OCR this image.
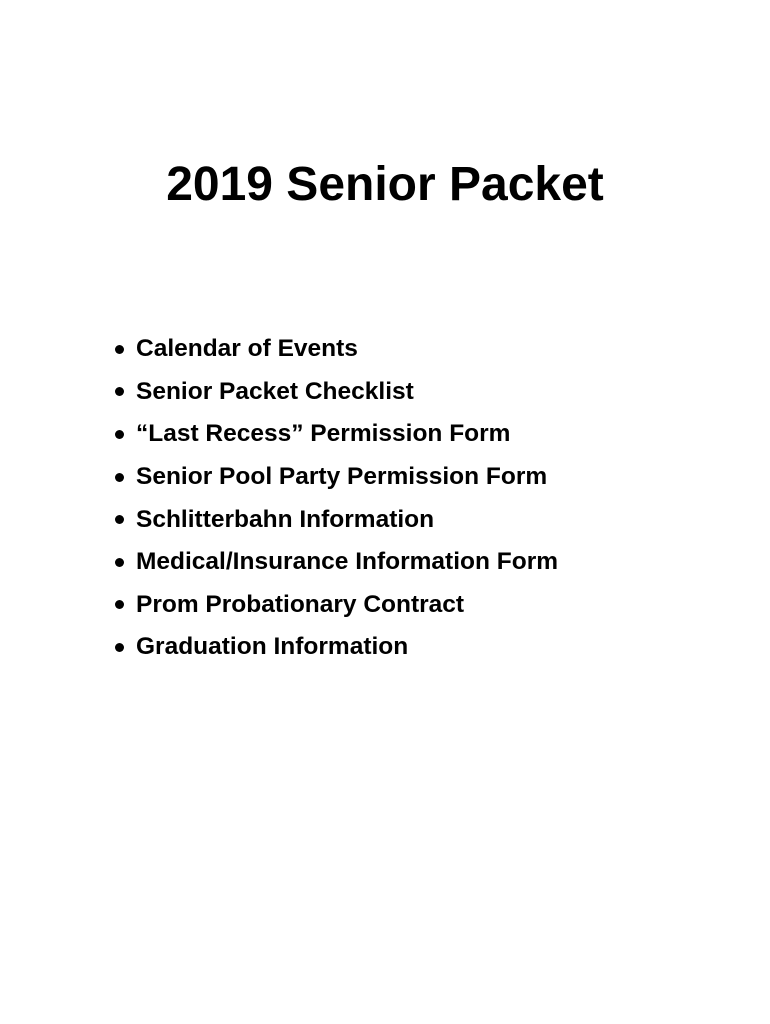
2019 Senior Packet
Calendar of Events
Senior Packet Checklist
“Last Recess” Permission Form
Senior Pool Party Permission Form
Schlitterbahn Information
Medical/Insurance Information Form
Prom Probationary Contract
Graduation Information
